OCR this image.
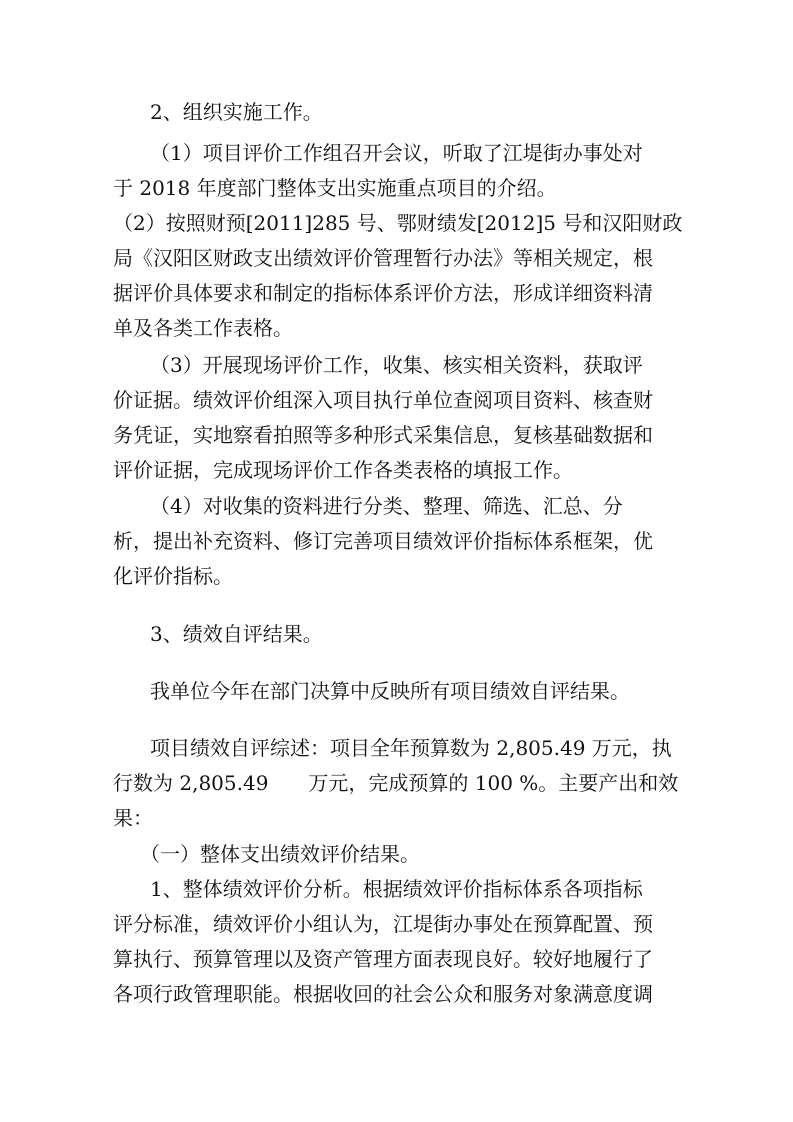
2、组织实施工作。
（1）项目评价工作组召开会议，听取了江堤街办事处对
于 2018 年度部门整体支出实施重点项目的介绍。
（2）按照财预[2011]285 号、鄂财绩发[2012]5 号和汉阳财政
局《汉阳区财政支出绩效评价管理暂行办法》等相关规定，根
据评价具体要求和制定的指标体系评价方法，形成详细资料清
单及各类工作表格。
（3）开展现场评价工作，收集、核实相关资料，获取评
价证据。绩效评价组深入项目执行单位查阅项目资料、核查财
务凭证，实地察看拍照等多种形式采集信息，复核基础数据和
评价证据，完成现场评价工作各类表格的填报工作。
（4）对收集的资料进行分类、整理、筛选、汇总、分
析，提出补充资料、修订完善项目绩效评价指标体系框架，优
化评价指标。
3、绩效自评结果。
我单位今年在部门决算中反映所有项目绩效自评结果。
项目绩效自评综述：项目全年预算数为 2,805.49 万元，执
行数为 2,805.49　　万元，完成预算的 100 %。主要产出和效
果：
（一）整体支出绩效评价结果。
1、整体绩效评价分析。根据绩效评价指标体系各项指标
评分标准，绩效评价小组认为，江堤街办事处在预算配置、预
算执行、预算管理以及资产管理方面表现良好。较好地履行了
各项行政管理职能。根据收回的社会公众和服务对象满意度调
